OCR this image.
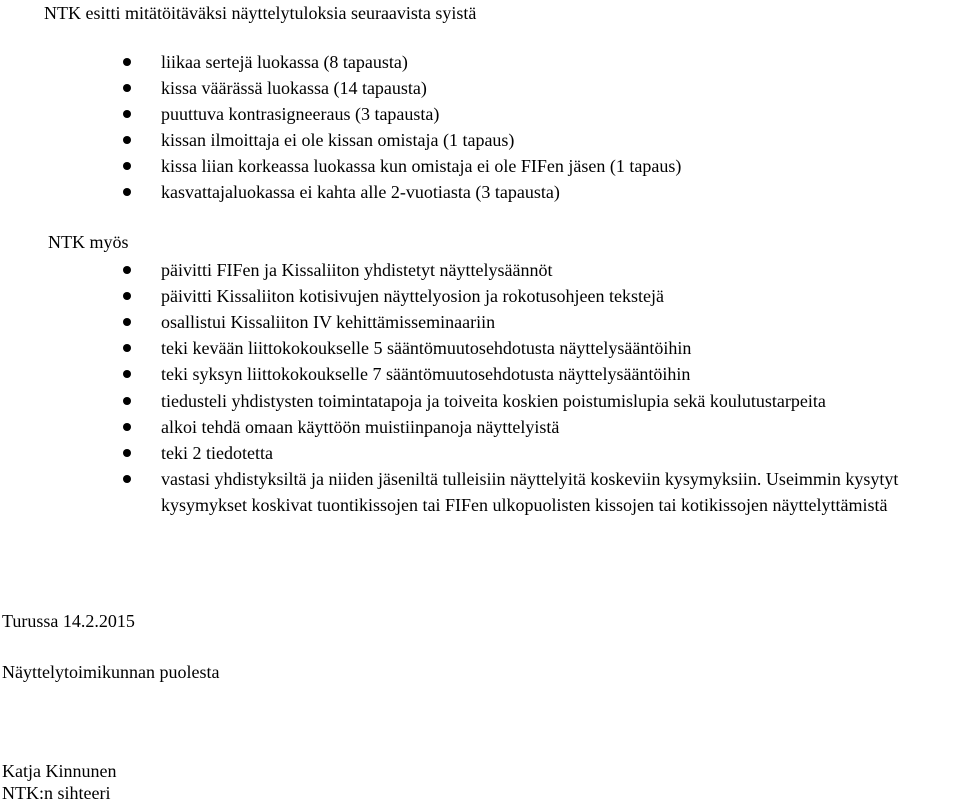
NTK esitti mitätöitäväksi näyttelytuloksia seuraavista syistä
liikaa sertejä luokassa (8 tapausta)
kissa väärässä luokassa (14 tapausta)
puuttuva kontrasigneeraus (3 tapausta)
kissan ilmoittaja ei ole kissan omistaja (1 tapaus)
kissa liian korkeassa luokassa kun omistaja ei ole FIFen jäsen (1 tapaus)
kasvattajaluokassa ei kahta alle 2-vuotiasta (3 tapausta)
NTK myös
päivitti FIFen ja Kissaliiton yhdistetyt näyttelysäännöt
päivitti Kissaliiton kotisivujen näyttelyosion ja rokotusohjeen tekstejä
osallistui Kissaliiton IV kehittämisseminaariin
teki kevään liittokokoukselle 5 sääntömuutosehdotusta näyttelysääntöihin
teki syksyn liittokokoukselle 7 sääntömuutosehdotusta näyttelysääntöihin
tiedusteli yhdistysten toimintatapoja ja toiveita koskien poistumislupia sekä koulutustarpeita
alkoi tehdä omaan käyttöön muistiinpanoja näyttelyistä
teki 2 tiedotetta
vastasi yhdistyksiltä ja niiden jäseniltä tulleisiin näyttelyitä koskeviin kysymyksiin. Useimmin kysytyt kysymykset koskivat tuontikissojen tai FIFen ulkopuolisten kissojen tai kotikissojen näyttelyttämistä
Turussa 14.2.2015
Näyttelytoimikunnan puolesta
Katja Kinnunen
NTK:n sihteeri
